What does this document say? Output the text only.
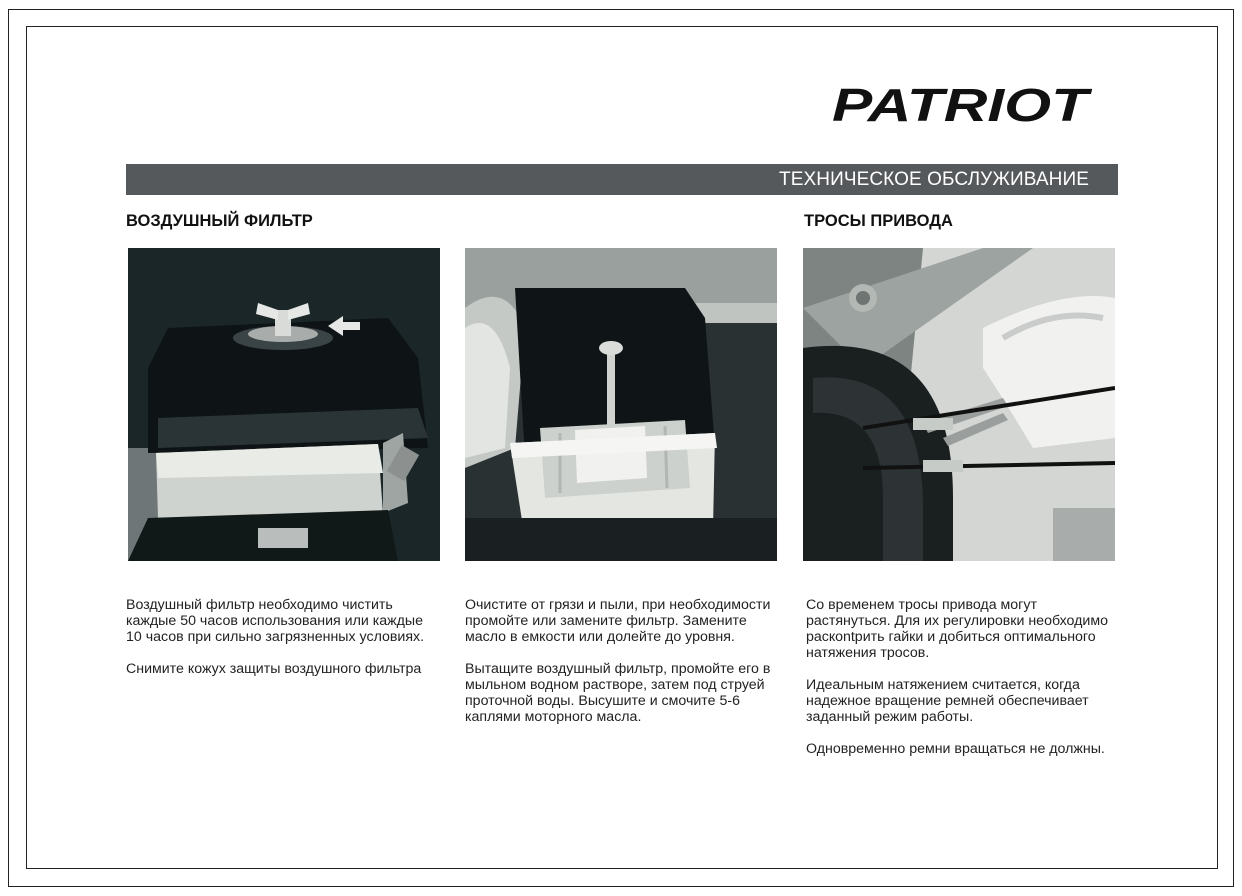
PATRIOT
ТЕХНИЧЕСКОЕ ОБСЛУЖИВАНИЕ
ВОЗДУШНЫЙ ФИЛЬТР	ТРОСЫ ПРИВОДА

Воздушный фильтр необходимо чистить каждые 50 часов использования или каждые 10 часов при сильно загрязненных условиях.

Снимите кожух защиты воздушного фильтра

Очистите от грязи и пыли, при необходимости промойте или замените фильтр. Замените масло в емкости или долейте до уровня.

Вытащите воздушный фильтр, промойте его в мыльном водном растворе, затем под струей проточной воды. Высушите и смочите 5-6 каплями моторного масла.

Со временем тросы привода могут растянуться. Для их регулировки необходимо раскontрить гайки и добиться оптимального натяжения тросов.

Идеальным натяжением считается, когда надежное вращение ремней обеспечивает заданный режим работы.

Одновременно ремни вращаться не должны.
